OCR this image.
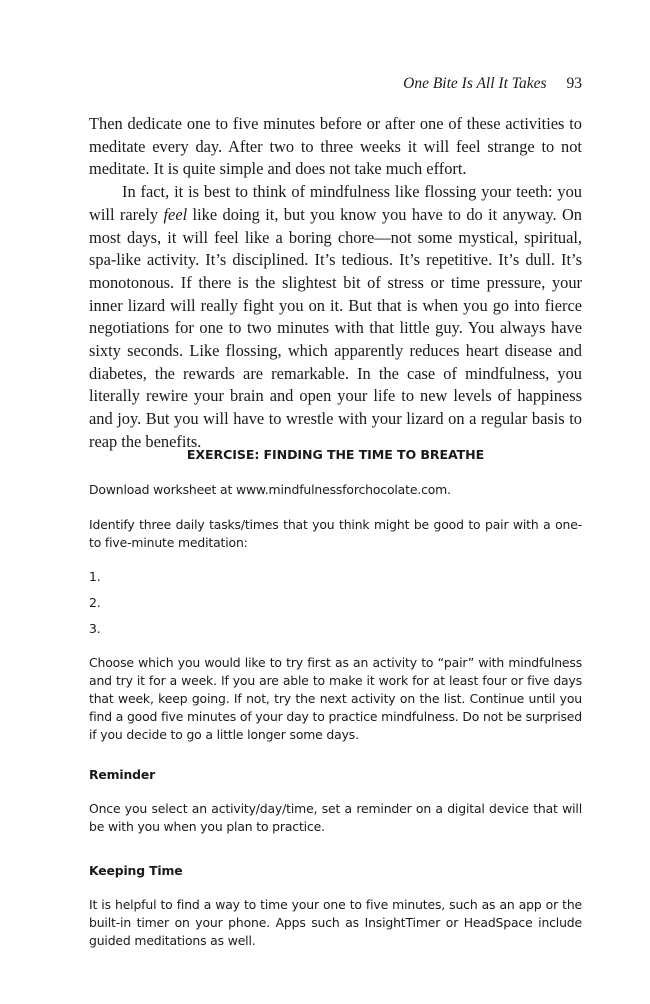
One Bite Is All It Takes 93

Then dedicate one to five minutes before or after one of these activities to meditate every day. After two to three weeks it will feel strange to not meditate. It is quite simple and does not take much effort.

In fact, it is best to think of mindfulness like flossing your teeth: you will rarely feel like doing it, but you know you have to do it anyway. On most days, it will feel like a boring chore—not some mystical, spiritual, spa-like activity. It’s disciplined. It’s tedious. It’s repetitive. It’s dull. It’s monotonous. If there is the slightest bit of stress or time pressure, your inner lizard will really fight you on it. But that is when you go into fierce negotiations for one to two minutes with that little guy. You always have sixty seconds. Like flossing, which apparently reduces heart disease and diabetes, the rewards are remarkable. In the case of mindfulness, you literally rewire your brain and open your life to new levels of happiness and joy. But you will have to wrestle with your lizard on a regular basis to reap the benefits.

EXERCISE: FINDING THE TIME TO BREATHE
Download worksheet at www.mindfulnessforchocolate.com.
Identify three daily tasks/times that you think might be good to pair with a one- to five-minute meditation:
1.
2.
3.
Choose which you would like to try first as an activity to “pair” with mindfulness and try it for a week. If you are able to make it work for at least four or five days that week, keep going. If not, try the next activity on the list. Continue until you find a good five minutes of your day to practice mindfulness. Do not be surprised if you decide to go a little longer some days.
Reminder
Once you select an activity/day/time, set a reminder on a digital device that will be with you when you plan to practice.
Keeping Time
It is helpful to find a way to time your one to five minutes, such as an app or the built-in timer on your phone. Apps such as InsightTimer or HeadSpace include guided meditations as well.
